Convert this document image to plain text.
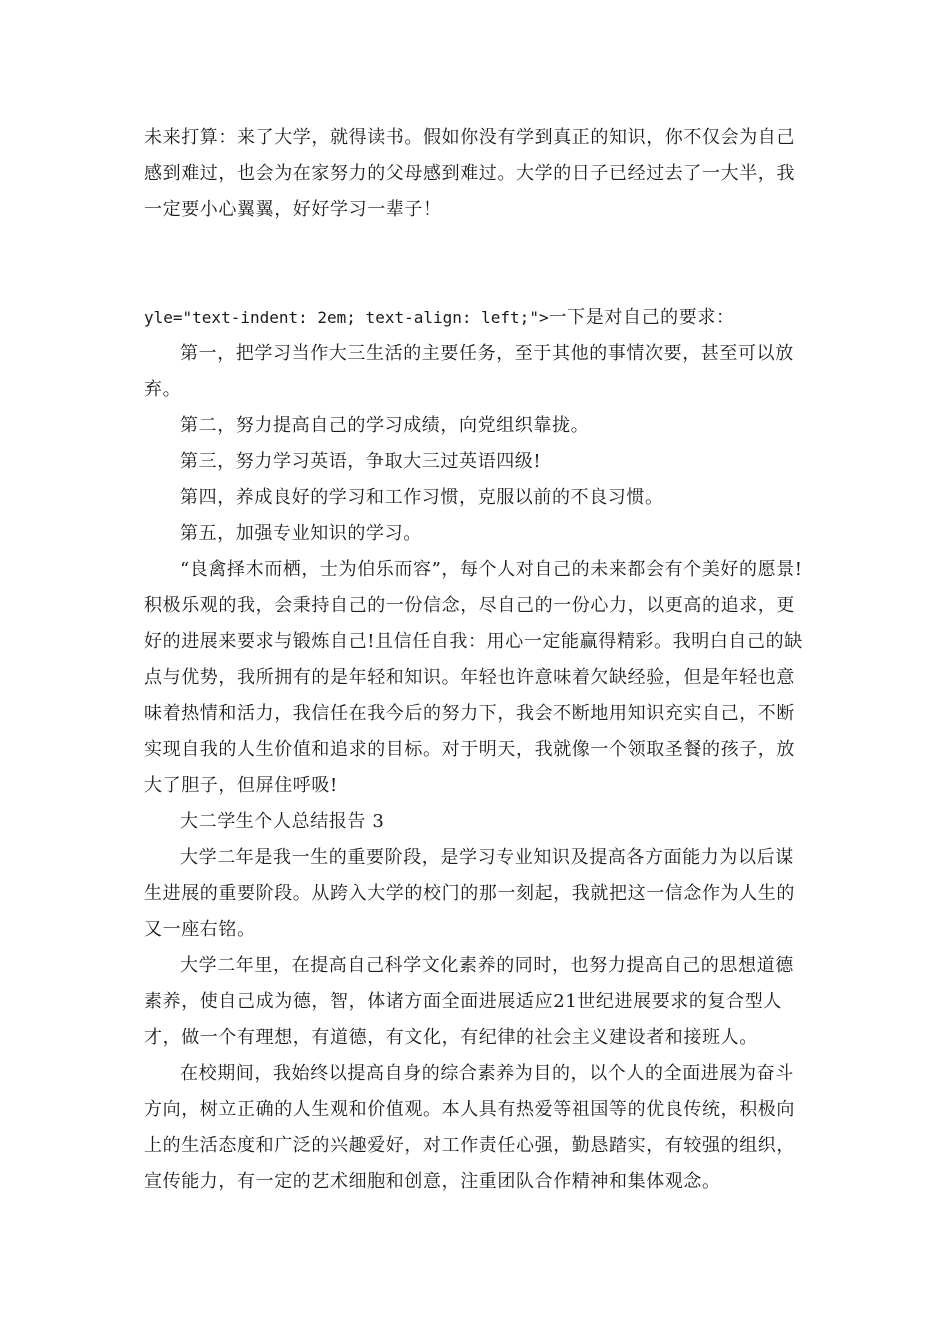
未来打算：来了大学，就得读书。假如你没有学到真正的知识，你不仅会为自己感到难过，也会为在家努力的父母感到难过。大学的日子已经过去了一大半，我一定要小心翼翼，好好学习一辈子！

yle="text-indent: 2em; text-align: left;">一下是对自己的要求：

第一，把学习当作大三生活的主要任务，至于其他的事情次要，甚至可以放弃。

第二，努力提高自己的学习成绩，向党组织靠拢。

第三，努力学习英语，争取大三过英语四级!

第四，养成良好的学习和工作习惯，克服以前的不良习惯。

第五，加强专业知识的学习。

“良禽择木而栖，士为伯乐而容”，每个人对自己的未来都会有个美好的愿景!积极乐观的我，会秉持自己的一份信念，尽自己的一份心力，以更高的追求，更好的进展来要求与锻炼自己!且信任自我：用心一定能赢得精彩。我明白自己的缺点与优势，我所拥有的是年轻和知识。年轻也许意味着欠缺经验，但是年轻也意味着热情和活力，我信任在我今后的努力下，我会不断地用知识充实自己，不断实现自我的人生价值和追求的目标。对于明天，我就像一个领取圣餐的孩子，放大了胆子，但屏住呼吸!

大二学生个人总结报告 3

大学二年是我一生的重要阶段，是学习专业知识及提高各方面能力为以后谋生进展的重要阶段。从跨入大学的校门的那一刻起，我就把这一信念作为人生的又一座右铭。

大学二年里，在提高自己科学文化素养的同时，也努力提高自己的思想道德素养，使自己成为德，智，体诸方面全面进展适应21世纪进展要求的复合型人才，做一个有理想，有道德，有文化，有纪律的社会主义建设者和接班人。

在校期间，我始终以提高自身的综合素养为目的，以个人的全面进展为奋斗方向，树立正确的人生观和价值观。本人具有热爱等祖国等的优良传统，积极向上的生活态度和广泛的兴趣爱好，对工作责任心强，勤恳踏实，有较强的组织，宣传能力，有一定的艺术细胞和创意，注重团队合作精神和集体观念。
